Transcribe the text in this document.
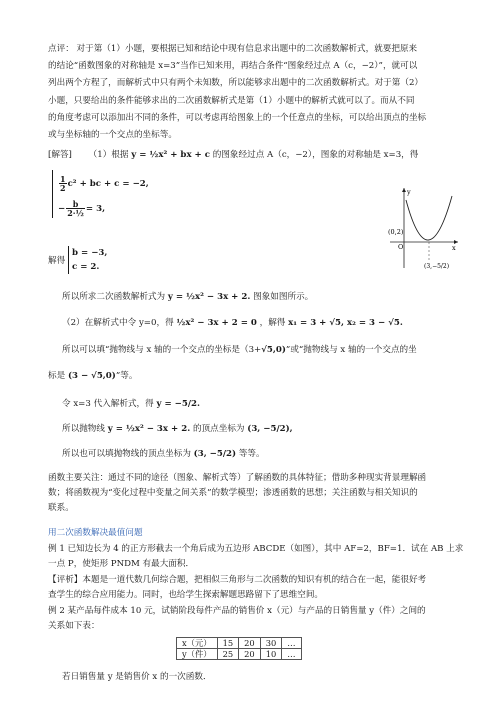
点评： 对于第（1）小题，要根据已知和结论中现有信息求出题中的二次函数解析式，就要把原来
的结论“函数图象的对称轴是 x=3”当作已知来用，再结合条件“图象经过点 A（c，−2）”，就可以
列出两个方程了，而解析式中只有两个未知数，所以能够求出题中的二次函数解析式。对于第（2）
小题，只要给出的条件能够求出的二次函数解析式是第（1）小题中的解析式就可以了。而从不同
的角度考虑可以添加出不同的条件，可以考虑再给图象上的一个任意点的坐标，可以给出顶点的坐标
或与坐标轴的一个交点的坐标等。
[解答] （1）根据 y = ½x² + bx + c 的图象经过点 A（c，−2），图象的对称轴是 x=3，得
$\frac{1}{2} c^2$ + bc + c = −2,
− $\frac{b}{\text{2·½}} = 3$,
解得
b = −3,
c = 2.
(0,2)
O	x
y
(3,−5/2)
所以所求二次函数解析式为 y = ½x² − 3x + 2. 图象如图所示。
（2）在解析式中令 y=0，得 ½x² − 3x + 2 = 0 ，解得 x₁ = 3 + √5, x₂ = 3 − √5.
所以可以填“抛物线与 x 轴的一个交点的坐标是（3+√5,0)”或“抛物线与 x 轴的一个交点的坐
标是 (3 − √5,0)”等。
令 x=3 代入解析式，得 y = −5/2.
所以抛物线 y = ½x² − 3x + 2. 的顶点坐标为 (3, −5/2),
所以也可以填抛物线的顶点坐标为 (3, −5/2) 等等。
函数主要关注：通过不同的途径（图象、解析式等）了解函数的具体特征；借助多种现实背景理解函
数；将函数视为“变化过程中变量之间关系”的数学模型；渗透函数的思想；关注函数与相关知识的
联系。
用二次函数解决最值问题
例 1 已知边长为 4 的正方形截去一个角后成为五边形 ABCDE（如图），其中 AF=2，BF=1．试在 AB 上求
一点 P，使矩形 PNDM 有最大面积．
【评析】本题是一道代数几何综合题，把相似三角形与二次函数的知识有机的结合在一起，能很好考
查学生的综合应用能力。同时，也给学生探索解题思路留下了思维空间。
例 2 某产品每件成本 10 元，试销阶段每件产品的销售价 x（元）与产品的日销售量 y（件）之间的
关系如下表：
x（元）	15	20	30	…
y（件）	25	20	10	…
若日销售量 y 是销售价 x 的一次函数．
